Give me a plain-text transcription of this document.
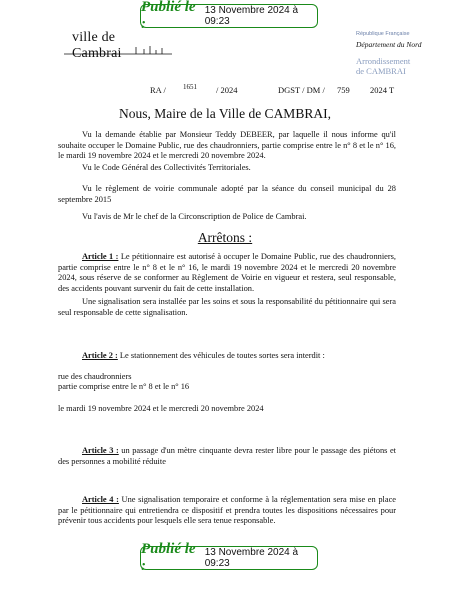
Publié le :
13 Novembre 2024 à 09:23
ville de Cambrai
République Française
Département du Nord
Arrondissement
de CAMBRAI
RA / 1651 / 2024	DGST / DM / 759 2024 T
Nous, Maire de la Ville de CAMBRAI,
Vu la demande établie par Monsieur Teddy DEBEER, par laquelle il nous informe qu'il souhaite occuper le Domaine Public, rue des chaudronniers, partie comprise entre le n° 8 et le n° 16, le mardi 19 novembre 2024 et le mercredi 20 novembre 2024.
Vu le Code Général des Collectivités Territoriales.
Vu le règlement de voirie communale adopté par la séance du conseil municipal du 28 septembre 2015
Vu l'avis de Mr le chef de la Circonscription de Police de Cambrai.
Arrêtons :
Article 1 : Le pétitionnaire est autorisé à occuper le Domaine Public, rue des chaudronniers, partie comprise entre le n° 8 et le n° 16, le mardi 19 novembre 2024 et le mercredi 20 novembre 2024, sous réserve de se conformer au Règlement de Voirie en vigueur et restera, seul responsable, des accidents pouvant survenir du fait de cette installation.
Une signalisation sera installée par les soins et sous la responsabilité du pétitionnaire qui sera seul responsable de cette signalisation.
Article 2 : Le stationnement des véhicules de toutes sortes sera interdit :
rue des chaudronniers
partie comprise entre le n° 8 et le n° 16
le mardi 19 novembre 2024 et le mercredi 20 novembre 2024
Article 3 : un passage d'un mètre cinquante devra rester libre pour le passage des piétons et des personnes a mobilité réduite
Article 4 : Une signalisation temporaire et conforme à la réglementation sera mise en place par le pétitionnaire qui entretiendra ce dispositif et prendra toutes les dispositions nécessaires pour prévenir tous accidents pour lesquels elle sera tenue responsable.
Publié le :
13 Novembre 2024 à 09:23
